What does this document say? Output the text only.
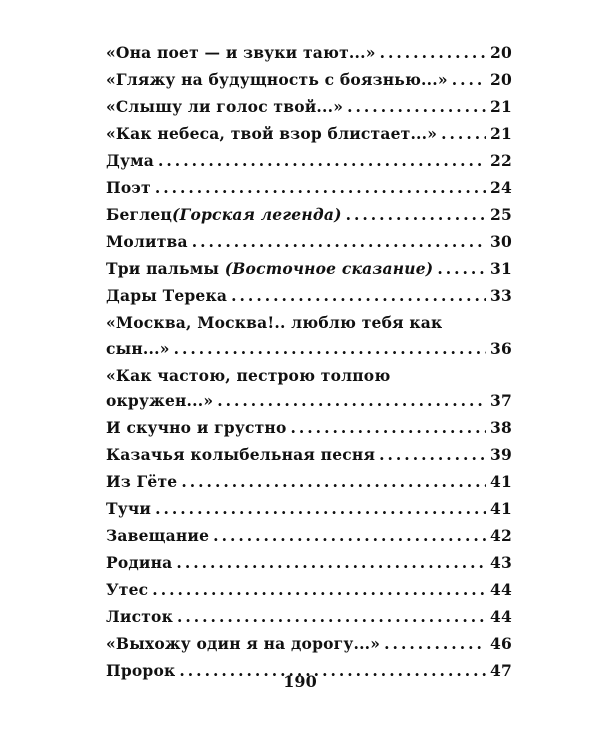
«Она поет — и звуки тают...» . . .	20
«Гляжу на будущность с боязнью...» . . .	20
«Слышу ли голос твой...» . . .	21
«Как небеса, твой взор блистает...» . . .	21
Дума . . .	22
Поэт . . .	24
Беглец (Горская легенда) . . .	25
Молитва . . .	30
Три пальмы
(Восточное сказание) . . .	31
Дары Терека . . .	33
«Москва, Москва!.. люблю тебя как
сын...» . . .	36
«Как частою, пестрою толпою
окружен...» . . .	37
И скучно и грустно . . .	38
Казачья колыбельная песня . . .	39
Из Гёте . . .	41
Тучи . . .	41
Завещание . . .	42
Родина . . .	43
Утес . . .	44
Листок . . .	44
«Выхожу один я на дорогу...» . . .	46
Пророк . . .	47
190
